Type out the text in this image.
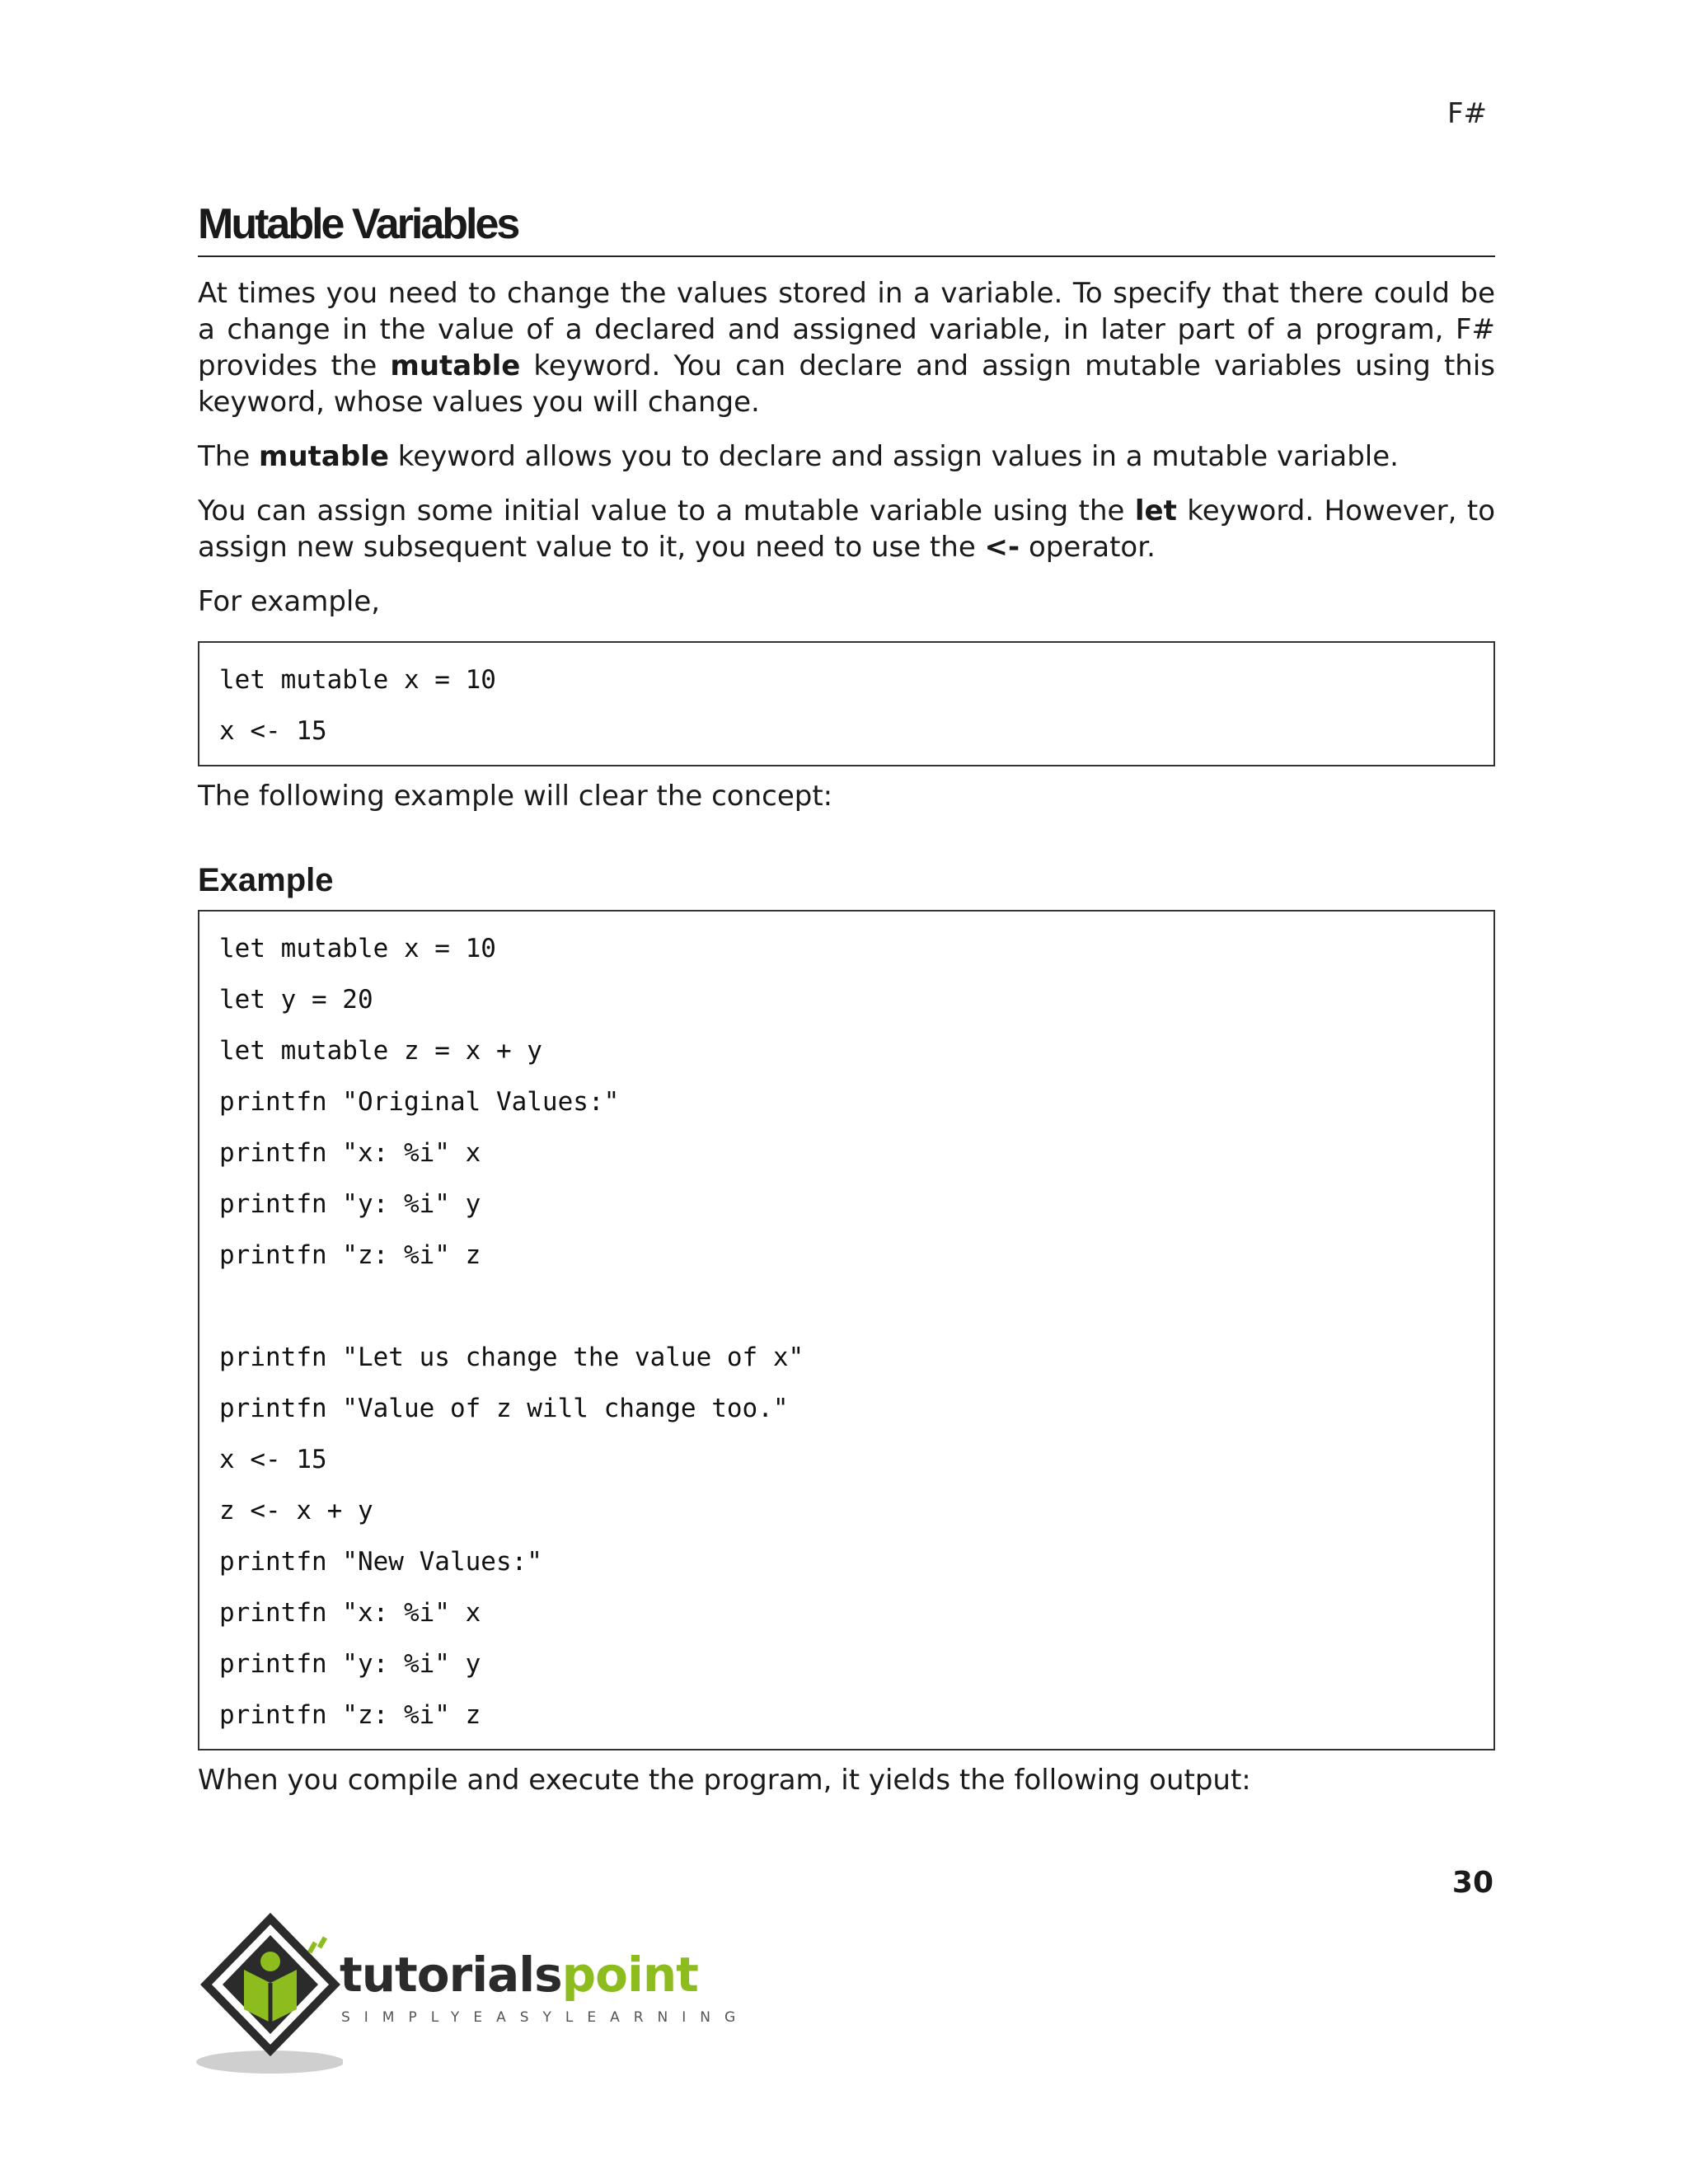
F#
Mutable Variables

At times you need to change the values stored in a variable. To specify that there could be a change in the value of a declared and assigned variable, in later part of a program, F# provides the mutable keyword. You can declare and assign mutable variables using this keyword, whose values you will change.

The mutable keyword allows you to declare and assign values in a mutable variable.

You can assign some initial value to a mutable variable using the let keyword. However, to assign new subsequent value to it, you need to use the <- operator.

For example,

let mutable x = 10
x <- 15

The following example will clear the concept:

Example
let mutable x = 10
let y = 20
let mutable z = x + y
printfn "Original Values:"
printfn "x: %i" x
printfn "y: %i" y
printfn "z: %i" z
printfn "Let us change the value of x"
printfn "Value of z will change too."
x <- 15
z <- x + y
printfn "New Values:"
printfn "x: %i" x
printfn "y: %i" y
printfn "z: %i" z

When you compile and execute the program, it yields the following output:

30
tutorialspoint
SIMPLYEASYLEARNING
